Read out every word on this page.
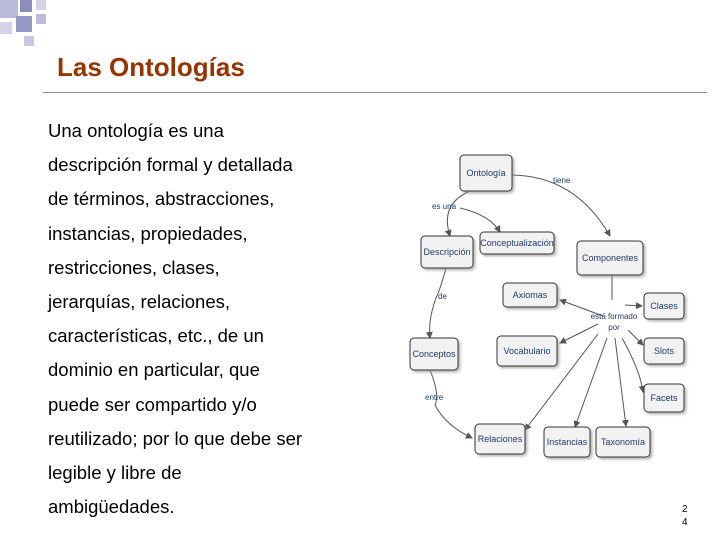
Las Ontologías

Una ontología es una
descripción formal y detallada
de términos, abstracciones,
instancias, propiedades,
restricciones, clases,
jerarquías, relaciones,
características, etc., de un
dominio en particular, que
puede ser compartido y/o
reutilizado; por lo que debe ser
legible y libre de
ambigüedades.

Ontología
Descripción
Conceptos
Relaciones
Conceptualización
Axiomas
Vocabulario
Instancias Taxonomía
Componentes
Clases
Slots
Facets
tiene
es una
de
entre
está formado
por
24
